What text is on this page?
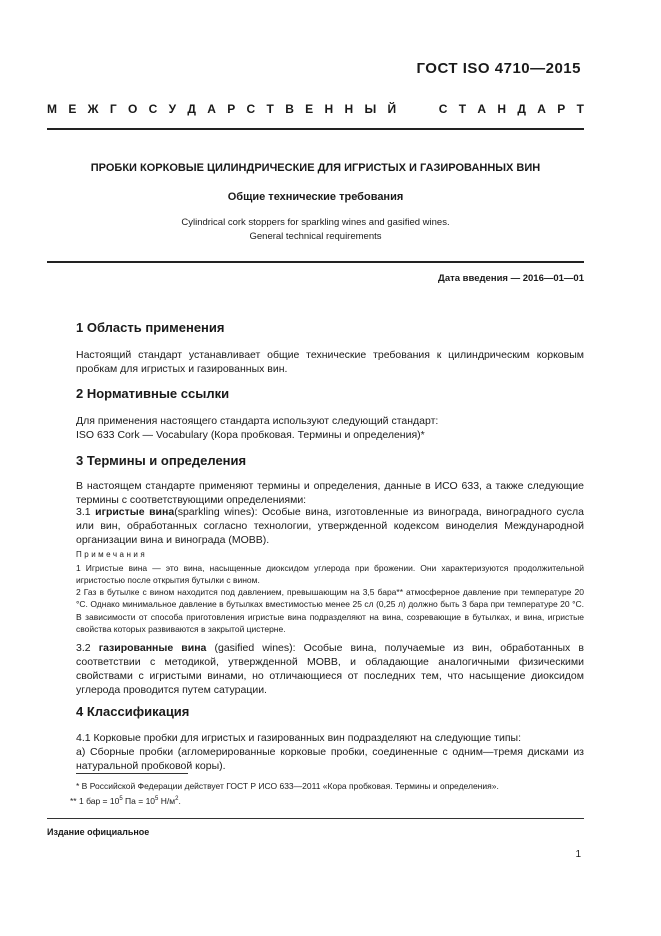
ГОСТ ISO 4710—2015
М Е Ж Г О С У Д А Р С Т В Е Н Н Ы Й	С Т А Н Д А Р Т
ПРОБКИ КОРКОВЫЕ ЦИЛИНДРИЧЕСКИЕ ДЛЯ ИГРИСТЫХ И ГАЗИРОВАННЫХ ВИН
Общие технические требования
Cylindrical cork stoppers for sparkling wines and gasified wines.
General technical requirements
Дата введения — 2016—01—01
1 Область применения
Настоящий стандарт устанавливает общие технические требования к цилиндрическим корковым пробкам для игристых и газированных вин.
2 Нормативные ссылки
Для применения настоящего стандарта используют следующий стандарт:
ISO 633 Cork — Vocabulary (Кора пробковая. Термины и определения)*
3 Термины и определения
В настоящем стандарте применяют термины и определения, данные в ИСО 633, а также следующие термины с соответствующими определениями:
3.1 игристые вина(sparkling wines): Особые вина, изготовленные из винограда, виноградного сусла или вин, обработанных согласно технологии, утвержденной кодексом виноделия Международной организации вина и винограда (МОВВ).
Примечания
1 Игристые вина — это вина, насыщенные диоксидом углерода при брожении. Они характеризуются продолжительной игристостью после открытия бутылки с вином.
2 Газ в бутылке с вином находится под давлением, превышающим на 3,5 бара** атмосферное давление при температуре 20 °С. Однако минимальное давление в бутылках вместимостью менее 25 сл (0,25 л) должно быть 3 бара при температуре 20 °С. В зависимости от способа приготовления игристые вина подразделяют на вина, созревающие в бутылках, и вина, игристые свойства которых развиваются в закрытой цистерне.
3.2 газированные вина (gasified wines): Особые вина, получаемые из вин, обработанных в соответствии с методикой, утвержденной МОВВ, и обладающие аналогичными физическими свойствами с игристыми винами, но отличающиеся от последних тем, что насыщение диоксидом углерода проводится путем сатурации.
4 Классификация
4.1 Корковые пробки для игристых и газированных вин подразделяют на следующие типы:
а) Сборные пробки (агломерированные корковые пробки, соединенные с одним—тремя дисками из натуральной пробковой коры).
* В Российской Федерации действует ГОСТ Р ИСО 633—2011 «Кора пробковая. Термины и определения».
** 1 бар = $10^5$ Па = $10^5$ $Н/м^2$.
Издание официальное
1
